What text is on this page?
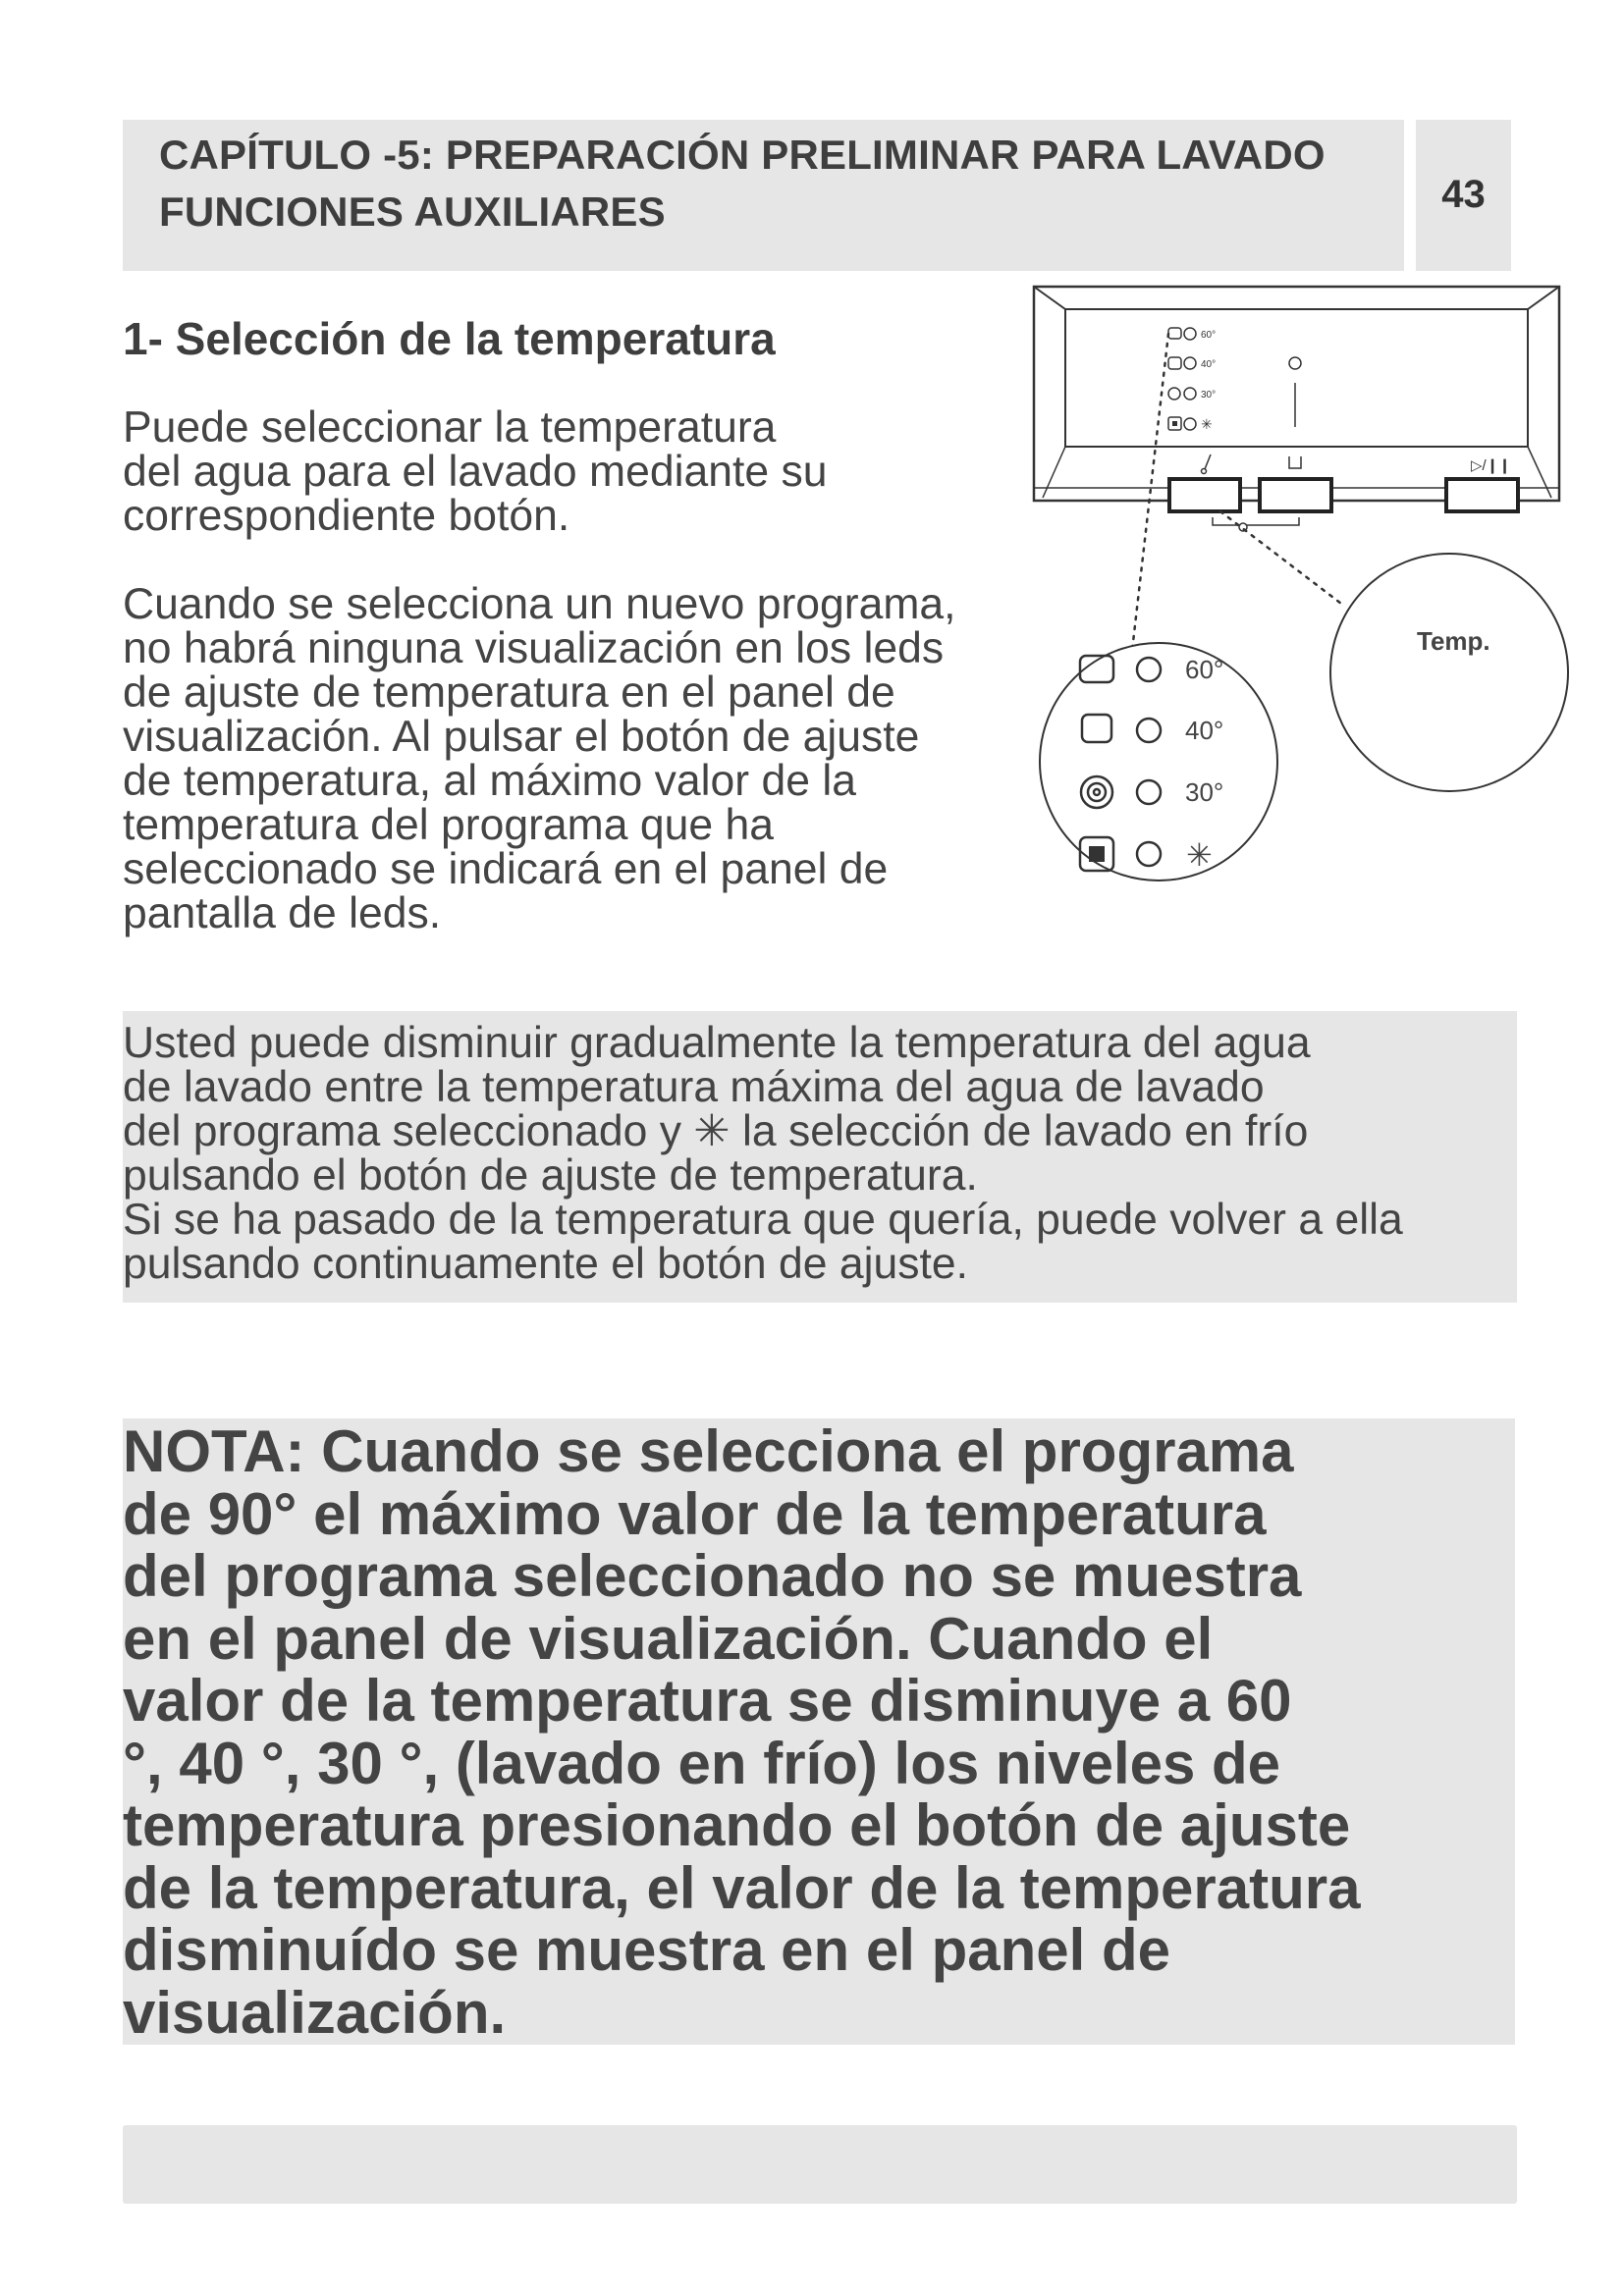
CAPÍTULO -5: PREPARACIÓN PRELIMINAR PARA LAVADO
FUNCIONES AUXILIARES	43
1- Selección de la temperatura
Puede seleccionar la temperatura
del agua para el lavado mediante su
correspondiente botón.
Cuando se selecciona un nuevo programa,
no habrá ninguna visualización en los leds
de ajuste de temperatura en el panel de
visualización. Al pulsar el botón de ajuste
de temperatura, al máximo valor de la
temperatura del programa que ha
seleccionado se indicará en el panel de
pantalla de leds.
60°
40°
30°
✳
▷/❙❙
Temp.
60°
40°
30°
✳
Usted puede disminuir gradualmente la temperatura del agua
de lavado entre la temperatura máxima del agua de lavado
del programa seleccionado y ✳ la selección de lavado en frío
pulsando el botón de ajuste de temperatura.
Si se ha pasado de la temperatura que quería, puede volver a ella
pulsando continuamente el botón de ajuste.
NOTA: Cuando se selecciona el programa
de 90° el máximo valor de la temperatura
del programa seleccionado no se muestra
en el panel de visualización. Cuando el
valor de la temperatura se disminuye a 60
°, 40 °, 30 °, (lavado en frío) los niveles de
temperatura presionando el botón de ajuste
de la temperatura, el valor de la temperatura
disminuído se muestra en el panel de
visualización.
